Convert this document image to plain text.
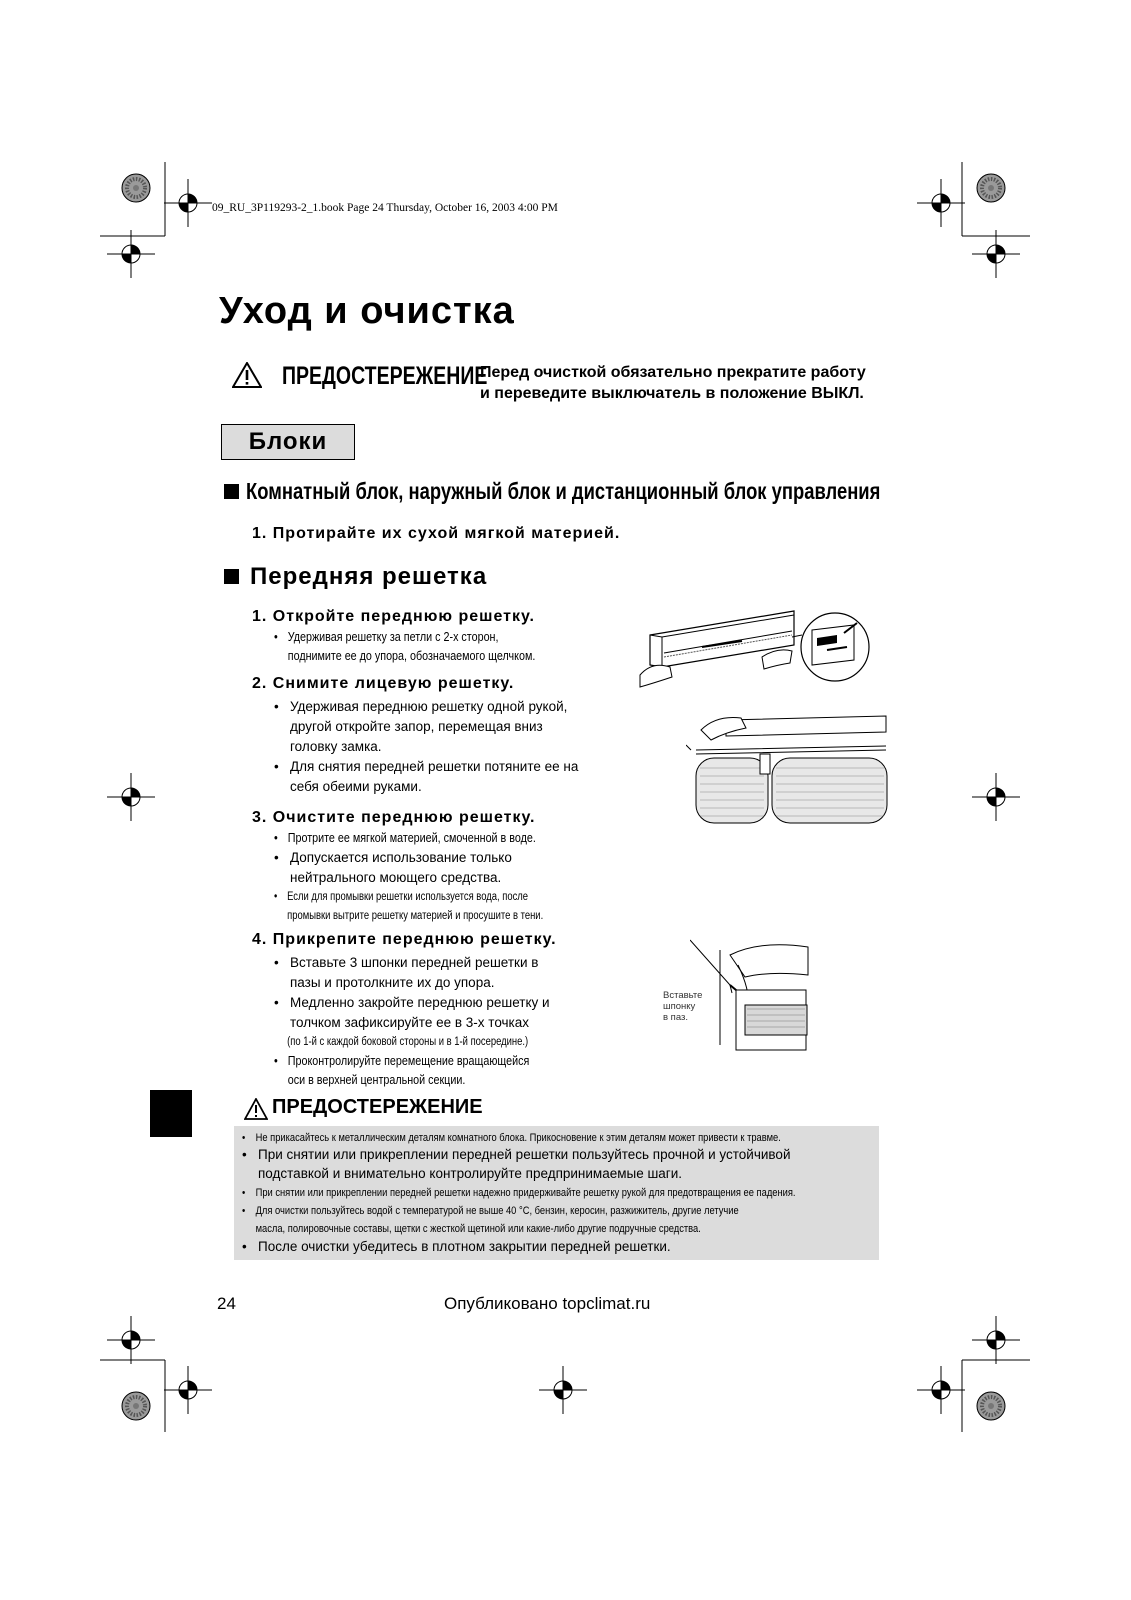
09_RU_3P119293-2_1.book Page 24 Thursday, October 16, 2003 4:00 PM
Уход и очистка
ПРЕДОСТЕРЕЖЕНИЕ
Перед очисткой обязательно прекратите работу
и переведите выключатель в положение ВЫКЛ.
Блоки
Комнатный блок, наружный блок и дистанционный блок управления
1. Протирайте их сухой мягкой материей.
Передняя решетка
1. Откройте переднюю решетку.
• Удерживая решетку за петли с 2-х сторон,
поднимите ее до упора, обозначаемого щелчком.
2. Снимите лицевую решетку.
• Удерживая переднюю решетку одной рукой,
другой откройте запор, перемещая вниз
головку замка.
• Для снятия передней решетки потяните ее на
себя обеими руками.
3. Очистите переднюю решетку.
• Протрите ее мягкой материей, смоченной в воде.
• Допускается использование только
нейтрального моющего средства.
• Если для промывки решетки используется вода, после
промывки вытрите решетку материей и просушите в тени.
4. Прикрепите переднюю решетку.
• Вставьте 3 шпонки передней решетки в
пазы и протолкните их до упора.
• Медленно закройте переднюю решетку и
толчком зафиксируйте ее в 3-х точках
(по 1-й с каждой боковой стороны и в 1-й посередине.)
• Проконтролируйте перемещение вращающейся
оси в верхней центральной секции.
Вставьте
шпонку
в паз.
ПРЕДОСТЕРЕЖЕНИЕ
• Не прикасайтесь к металлическим деталям комнатного блока. Прикосновение к этим деталям может привести к травме.
• При снятии или прикреплении передней решетки пользуйтесь прочной и устойчивой
подставкой и внимательно контролируйте предпринимаемые шаги.
• При снятии или прикреплении передней решетки надежно придерживайте решетку рукой для предотвращения ее падения.
• Для очистки пользуйтесь водой с температурой не выше 40 °C, бензин, керосин, разжижитель, другие летучие
масла, полировочные составы, щетки с жесткой щетиной или какие-либо другие подручные средства.
• После очистки убедитесь в плотном закрытии передней решетки.
24	Опубликовано topclimat.ru
